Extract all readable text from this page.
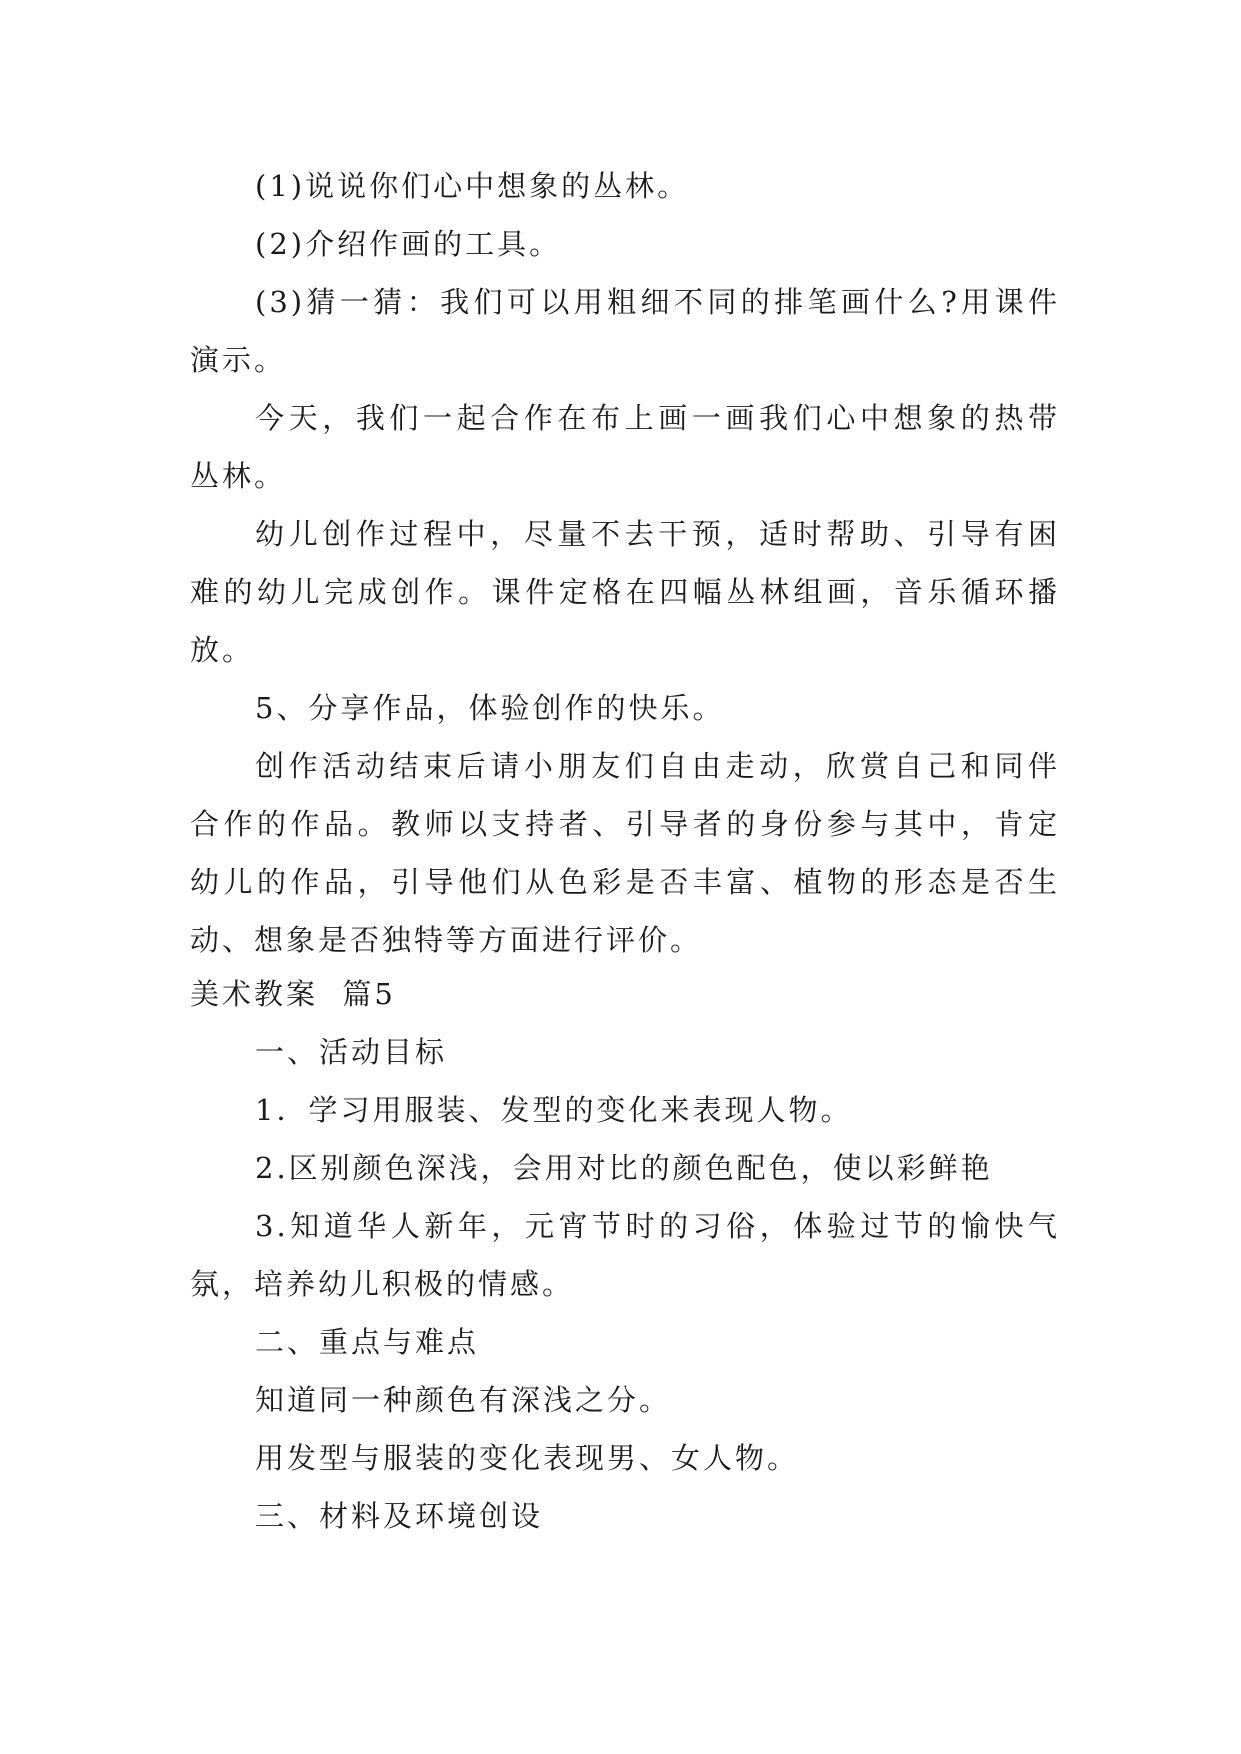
(1)说说你们心中想象的丛林。
(2)介绍作画的工具。
(3)猜一猜：我们可以用粗细不同的排笔画什么?用课件
演示。
今天，我们一起合作在布上画一画我们心中想象的热带
丛林。
幼儿创作过程中，尽量不去干预，适时帮助、引导有困
难的幼儿完成创作。课件定格在四幅丛林组画，音乐循环播
放。
5、分享作品，体验创作的快乐。
创作活动结束后请小朋友们自由走动，欣赏自己和同伴
合作的作品。教师以支持者、引导者的身份参与其中，肯定
幼儿的作品，引导他们从色彩是否丰富、植物的形态是否生
动、想象是否独特等方面进行评价。
美术教案  篇5
一、活动目标
1．学习用服装、发型的变化来表现人物。
2.区别颜色深浅，会用对比的颜色配色，使以彩鲜艳
3.知道华人新年，元宵节时的习俗，体验过节的愉快气
氛，培养幼儿积极的情感。
二、重点与难点
知道同一种颜色有深浅之分。
用发型与服装的变化表现男、女人物。
三、材料及环境创设
